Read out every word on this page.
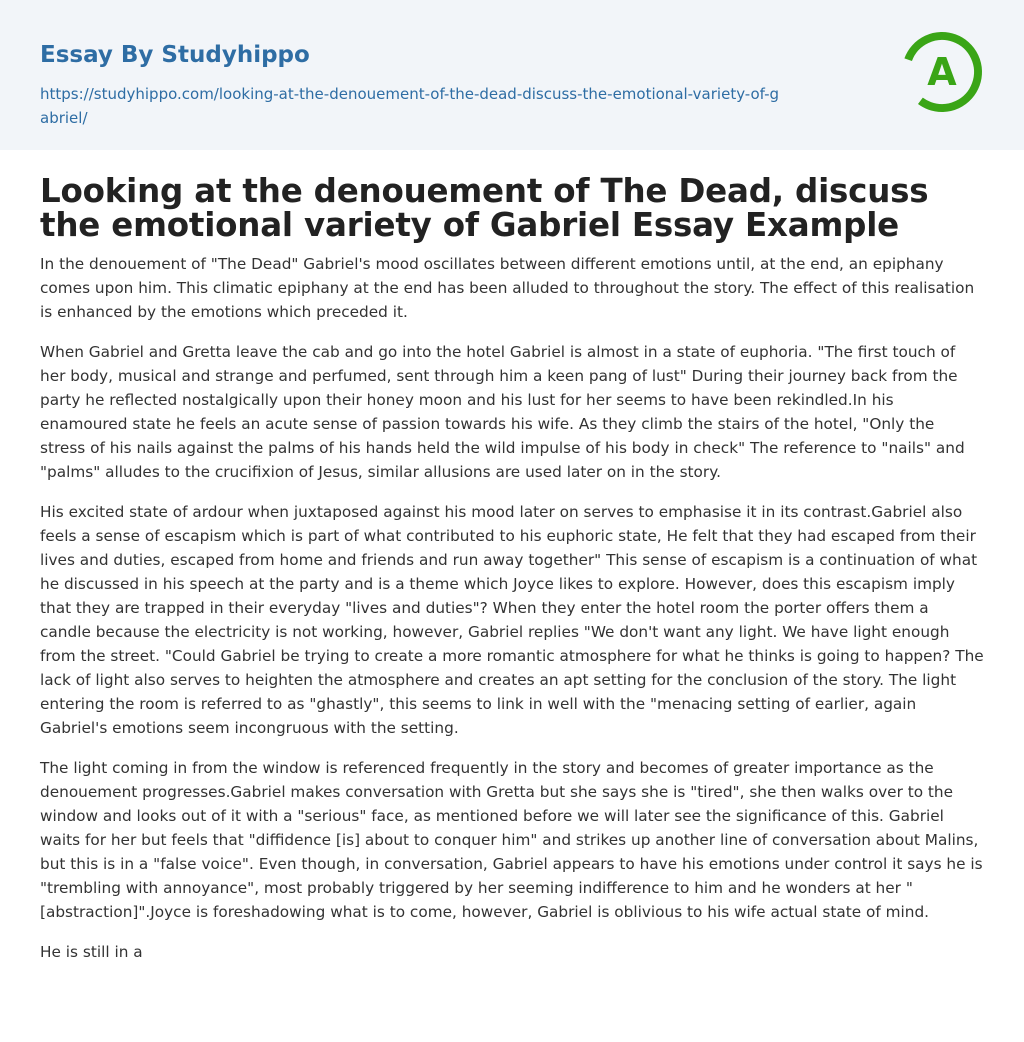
Essay By Studyhippo
https://studyhippo.com/looking-at-the-denouement-of-the-dead-discuss-the-emotional-variety-of-gabriel/
A
Looking at the denouement of The Dead, discuss the emotional variety of Gabriel Essay Example

In the denouement of "The Dead" Gabriel's mood oscillates between different emotions until, at the end, an epiphany comes upon him. This climatic epiphany at the end has been alluded to throughout the story. The effect of this realisation is enhanced by the emotions which preceded it.

When Gabriel and Gretta leave the cab and go into the hotel Gabriel is almost in a state of euphoria. "The first touch of her body, musical and strange and perfumed, sent through him a keen pang of lust" During their journey back from the party he reflected nostalgically upon their honey moon and his lust for her seems to have been rekindled.In his enamoured state he feels an acute sense of passion towards his wife. As they climb the stairs of the hotel, "Only the stress of his nails against the palms of his hands held the wild impulse of his body in check" The reference to "nails" and "palms" alludes to the crucifixion of Jesus, similar allusions are used later on in the story.

His excited state of ardour when juxtaposed against his mood later on serves to emphasise it in its contrast.Gabriel also feels a sense of escapism which is part of what contributed to his euphoric state, He felt that they had escaped from their lives and duties, escaped from home and friends and run away together" This sense of escapism is a continuation of what he discussed in his speech at the party and is a theme which Joyce likes to explore. However, does this escapism imply that they are trapped in their everyday "lives and duties"? When they enter the hotel room the porter offers them a candle because the electricity is not working, however, Gabriel replies "We don't want any light. We have light enough from the street. "Could Gabriel be trying to create a more romantic atmosphere for what he thinks is going to happen? The lack of light also serves to heighten the atmosphere and creates an apt setting for the conclusion of the story. The light entering the room is referred to as "ghastly", this seems to link in well with the "menacing setting of earlier, again Gabriel's emotions seem incongruous with the setting.

The light coming in from the window is referenced frequently in the story and becomes of greater importance as the denouement progresses.Gabriel makes conversation with Gretta but she says she is "tired", she then walks over to the window and looks out of it with a "serious" face, as mentioned before we will later see the significance of this. Gabriel waits for her but feels that "diffidence [is] about to conquer him" and strikes up another line of conversation about Malins, but this is in a "false voice". Even though, in conversation, Gabriel appears to have his emotions under control it says he is "trembling with annoyance", most probably triggered by her seeming indifference to him and he wonders at her "[abstraction]".Joyce is foreshadowing what is to come, however, Gabriel is oblivious to his wife actual state of mind.

He is still in a
